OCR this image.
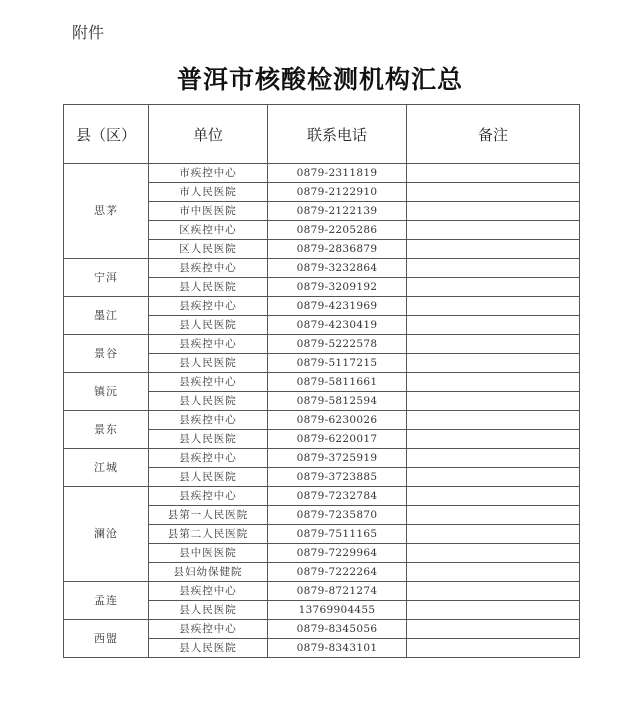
附件
普洱市核酸检测机构汇总
县（区）	单位	联系电话	备注
思茅	市疾控中心	0879-2311819	
	市人民医院	0879-2122910	
	市中医医院	0879-2122139	
	区疾控中心	0879-2205286	
	区人民医院	0879-2836879	
宁洱	县疾控中心	0879-3232864	
	县人民医院	0879-3209192	
墨江	县疾控中心	0879-4231969	
	县人民医院	0879-4230419	
景谷	县疾控中心	0879-5222578	
	县人民医院	0879-5117215	
镇沅	县疾控中心	0879-5811661	
	县人民医院	0879-5812594	
景东	县疾控中心	0879-6230026	
	县人民医院	0879-6220017	
江城	县疾控中心	0879-3725919	
	县人民医院	0879-3723885	
澜沧	县疾控中心	0879-7232784	
	县第一人民医院	0879-7235870	
	县第二人民医院	0879-7511165	
	县中医医院	0879-7229964	
	县妇幼保健院	0879-7222264	
孟连	县疾控中心	0879-8721274	
	县人民医院	13769904455	
西盟	县疾控中心	0879-8345056	
	县人民医院	0879-8343101	
